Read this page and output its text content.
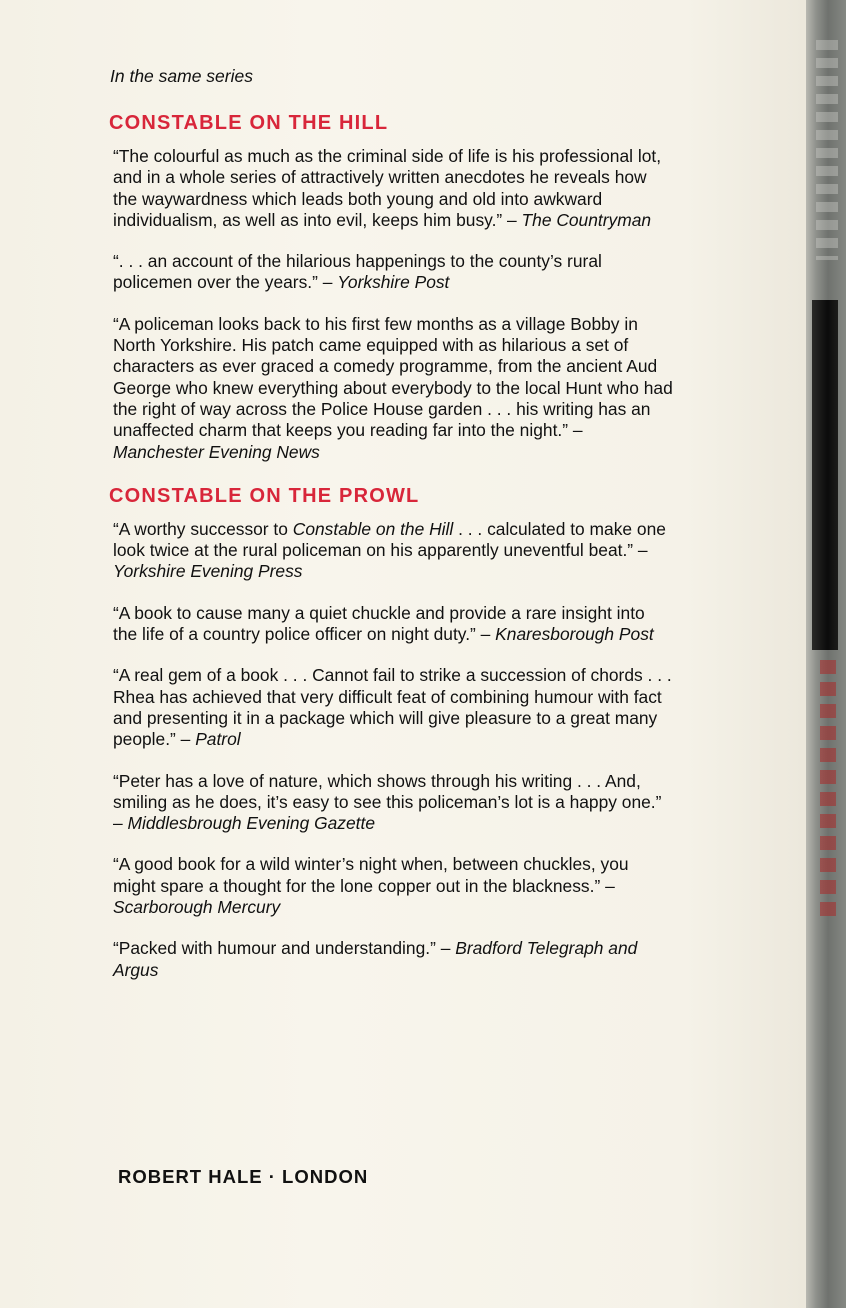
In the same series
CONSTABLE ON THE HILL

“The colourful as much as the criminal side of life is his professional lot, and in a whole series of attractively written anecdotes he reveals how the waywardness which leads both young and old into awkward individualism, as well as into evil, keeps him busy.” – The Countryman

“. . . an account of the hilarious happenings to the county’s rural policemen over the years.” – Yorkshire Post

“A policeman looks back to his first few months as a village Bobby in North Yorkshire. His patch came equipped with as hilarious a set of characters as ever graced a comedy programme, from the ancient Aud George who knew everything about everybody to the local Hunt who had the right of way across the Police House garden . . . his writing has an unaffected charm that keeps you reading far into the night.” – Manchester Evening News

CONSTABLE ON THE PROWL

“A worthy successor to Constable on the Hill . . . calculated to make one look twice at the rural policeman on his apparently uneventful beat.” – Yorkshire Evening Press

“A book to cause many a quiet chuckle and provide a rare insight into the life of a country police officer on night duty.” – Knaresborough Post

“A real gem of a book . . . Cannot fail to strike a succession of chords . . . Rhea has achieved that very difficult feat of combining humour with fact and presenting it in a package which will give pleasure to a great many people.” – Patrol

“Peter has a love of nature, which shows through his writing . . . And, smiling as he does, it’s easy to see this policeman’s lot is a happy one.” – Middlesbrough Evening Gazette

“A good book for a wild winter’s night when, between chuckles, you might spare a thought for the lone copper out in the blackness.” – Scarborough Mercury

“Packed with humour and understanding.” – Bradford Telegraph and Argus

ROBERT HALE · LONDON
